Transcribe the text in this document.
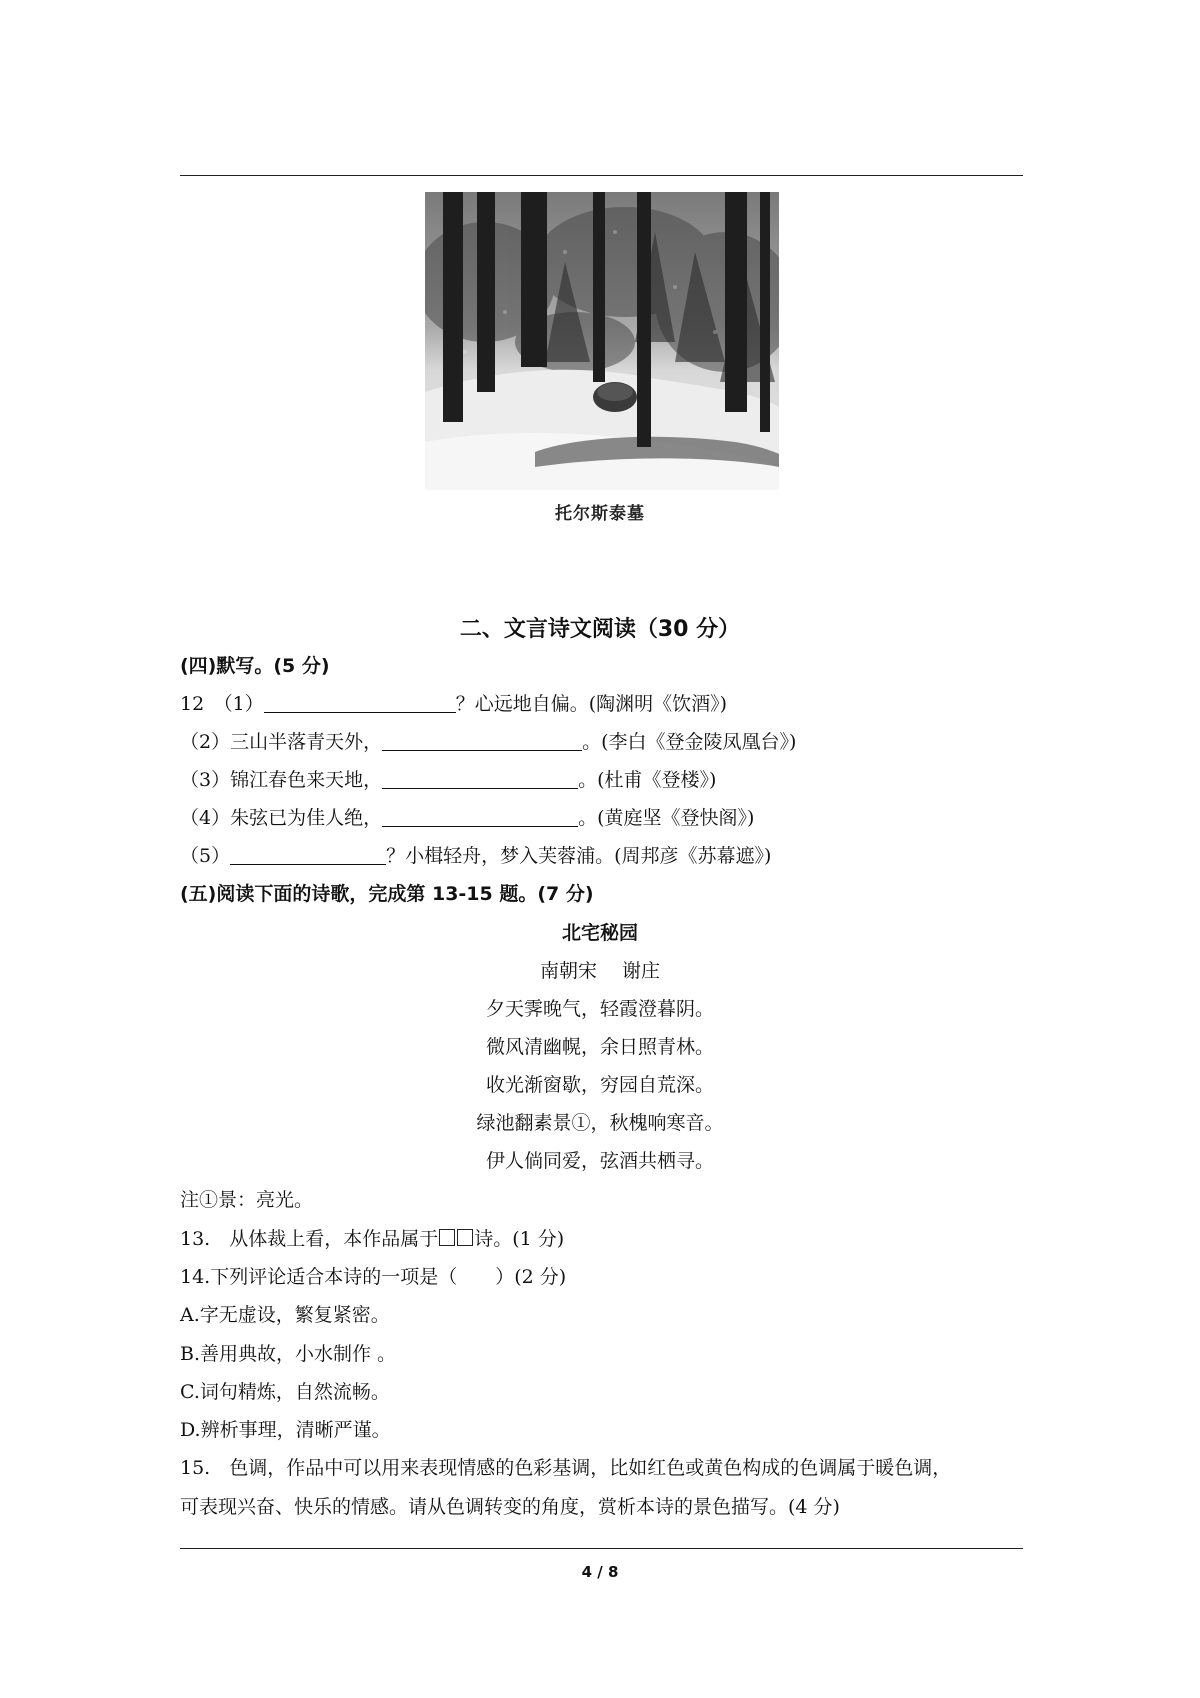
托尔斯泰墓
二、文言诗文阅读（30 分）
(四)默写。(5 分)
12　（1）	？心远地自偏。(陶渊明《饮酒》)
（2）三山半落青天外，	。(李白《登金陵凤凰台》)
（3）锦江春色来天地，	。(杜甫《登楼》)
（4）朱弦已为佳人绝，	。(黄庭坚《登快阁》)
（5）	？小楫轻舟，梦入芙蓉浦。(周邦彦《苏幕遮》)
(五)阅读下面的诗歌，完成第 13-15 题。(7 分)
北宅秘园
南朝宋　 谢庄
夕天霁晚气，轻霞澄暮阴。
微风清幽幌，余日照青林。
收光渐窗歇，穷园自荒深。
绿池翻素景①，秋槐响寒音。
伊人倘同爱，弦酒共栖寻。
注①景：亮光。
13.　从体裁上看，本作品属于 诗。(1 分)
14.下列评论适合本诗的一项是（　　）(2 分)
A.字无虚设，繁复紧密。
B.善用典故，小水制作 。
C.词句精炼，自然流畅。
D.辨析事理，清晰严谨。
15.　色调，作品中可以用来表现情感的色彩基调，比如红色或黄色构成的色调属于暖色调，
可表现兴奋、快乐的情感。请从色调转变的角度，赏析本诗的景色描写。(4 分)
4 / 8
